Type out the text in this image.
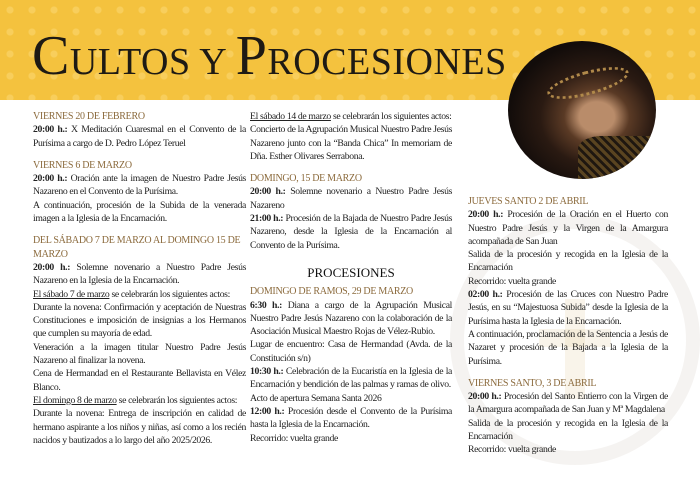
CULTOS Y PROCESIONES
VIERNES 20 DE FEBRERO

20:00 h.: X Meditación Cuaresmal en el Convento de la Purísima a cargo de D. Pedro López Teruel

VIERNES 6 DE MARZO

20:00 h.: Oración ante la imagen de Nuestro Padre Jesús Nazareno en el Convento de la Purísima.

A continuación, procesión de la Subida de la venerada imagen a la Iglesia de la Encarnación.

DEL SÁBADO 7 DE MARZO AL DOMINGO 15 DE MARZO

20:00 h.: Solemne novenario a Nuestro Padre Jesús Nazareno en la Iglesia de la Encarnación.

El sábado 7 de marzo se celebrarán los siguientes actos:

Durante la novena: Confirmación y aceptación de Nuestras Constituciones e imposición de insignias a los Hermanos que cumplen su mayoría de edad.

Veneración a la imagen titular Nuestro Padre Jesús Nazareno al finalizar la novena.

Cena de Hermandad en el Restaurante Bellavista en Vélez Blanco.

El domingo 8 de marzo se celebrarán los siguientes actos:

Durante la novena: Entrega de inscripción en calidad de hermano aspirante a los niños y niñas, así como a los recién nacidos y bautizados a lo largo del año 2025/2026.

El sábado 14 de marzo se celebrarán los siguientes actos:

Concierto de la Agrupación Musical Nuestro Padre Jesús Nazareno junto con la “Banda Chica” In memoriam de Dña. Esther Olivares Serrabona.

DOMINGO, 15 DE MARZO

20:00 h.: Solemne novenario a Nuestro Padre Jesús Nazareno

21:00 h.: Procesión de la Bajada de Nuestro Padre Jesús Nazareno, desde la Iglesia de la Encarnación al Convento de la Purísima.

PROCESIONES
DOMINGO DE RAMOS, 29 DE MARZO

6:30 h.: Diana a cargo de la Agrupación Musical Nuestro Padre Jesús Nazareno con la colaboración de la Asociación Musical Maestro Rojas de Vélez-Rubio.

Lugar de encuentro: Casa de Hermandad (Avda. de la Constitución s/n)

10:30 h.: Celebración de la Eucaristía en la Iglesia de la Encarnación y bendición de las palmas y ramas de olivo.

Acto de apertura Semana Santa 2026

12:00 h.: Procesión desde el Convento de la Purísima hasta la Iglesia de la Encarnación.

Recorrido: vuelta grande

JUEVES SANTO 2 DE ABRIL

20:00 h.: Procesión de la Oración en el Huerto con Nuestro Padre Jesús y la Virgen de la Amargura acompañada de San Juan

Salida de la procesión y recogida en la Iglesia de la Encarnación

Recorrido: vuelta grande

02:00 h.: Procesión de las Cruces con Nuestro Padre Jesús, en su “Majestuosa Subida” desde la Iglesia de la Purísima hasta la Iglesia de la Encarnación.

A continuación, proclamación de la Sentencia a Jesús de Nazaret y procesión de la Bajada a la Iglesia de la Purísima.

VIERNES SANTO, 3 DE ABRIL

20:00 h.: Procesión del Santo Entierro con la Virgen de la Amargura acompañada de San Juan y Mª Magdalena

Salida de la procesión y recogida en la Iglesia de la Encarnación

Recorrido: vuelta grande
